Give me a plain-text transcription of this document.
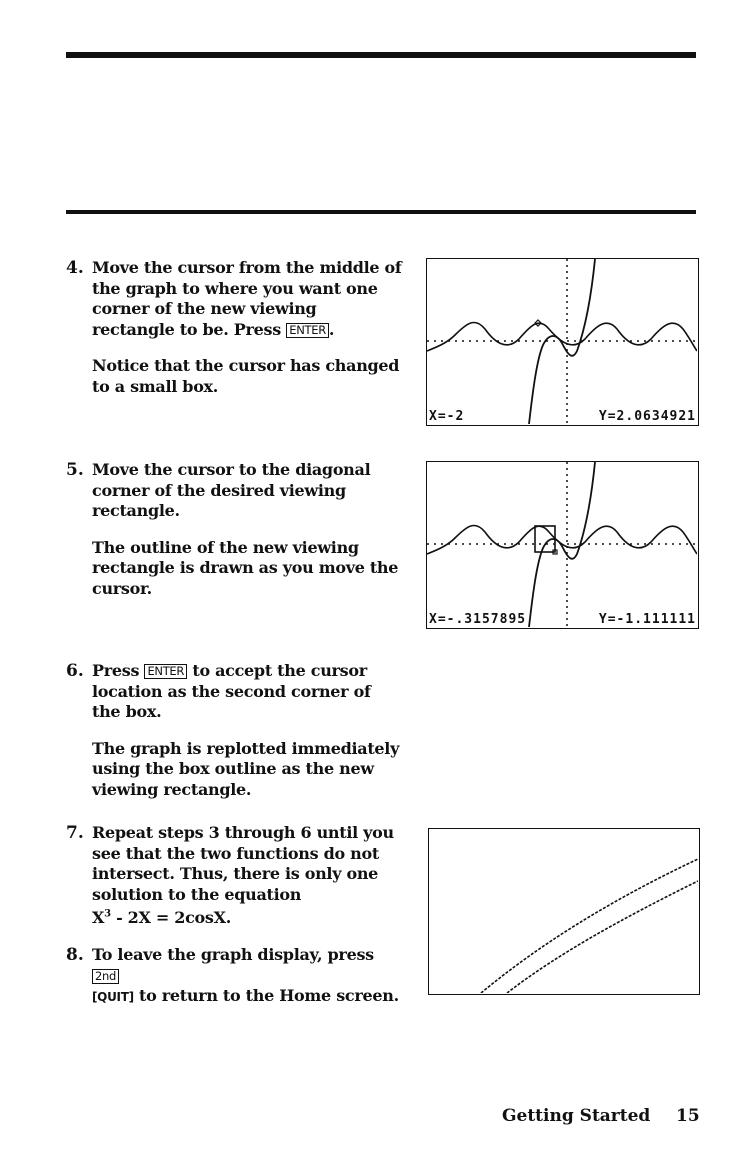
4. Move the cursor from the middle of the graph to where you want one corner of the new viewing rectangle to be. Press ENTER .

Notice that the cursor has changed to a small box.

5. Move the cursor to the diagonal corner of the desired viewing rectangle.

The outline of the new viewing rectangle is drawn as you move the cursor.

6. Press ENTER to accept the cursor location as the second corner of the box.

The graph is replotted immediately using the box outline as the new viewing rectangle.

7. Repeat steps 3 through 6 until you see that the two functions do not intersect. Thus, there is only one solution to the equation
$X^3 - 2X = 2\cos X$.

8. To leave the graph display, press 2nd
[QUIT] to return to the Home screen.

X=-2	Y=2.0634921
X=-.3157895	Y=-1.111111
Getting Started 15
